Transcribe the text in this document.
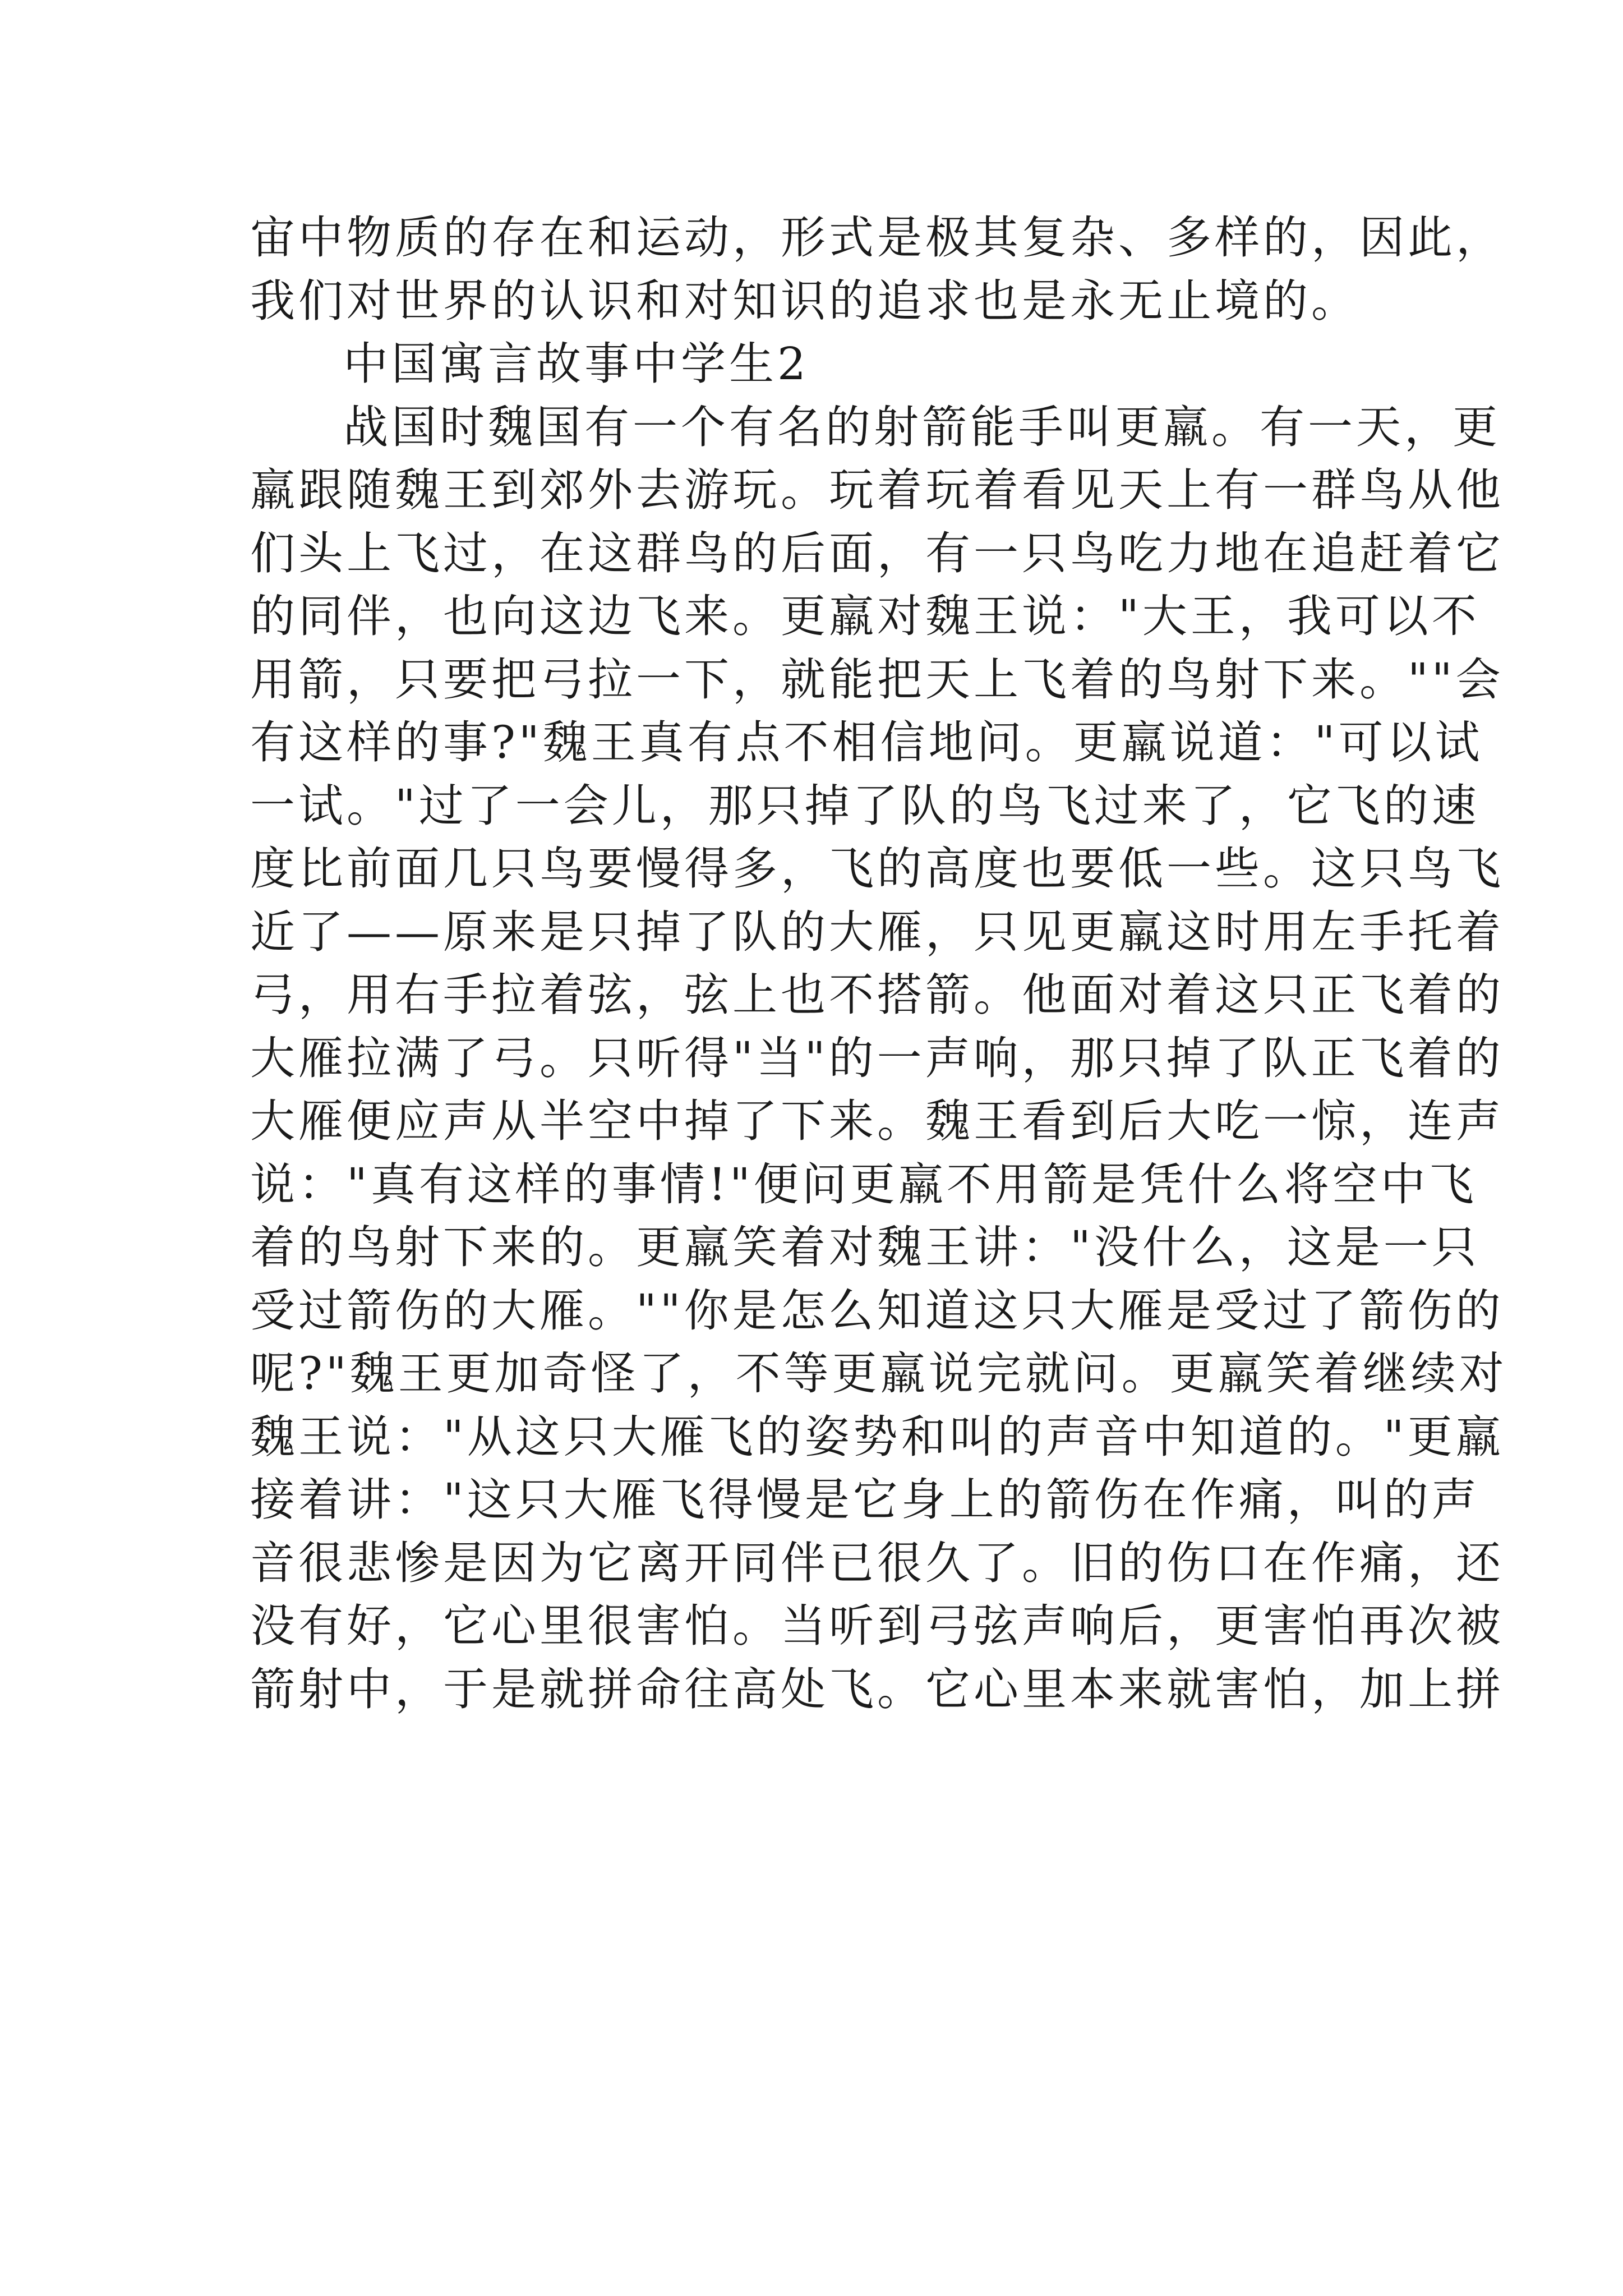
宙中物质的存在和运动，形式是极其复杂、多样的，因此，
我们对世界的认识和对知识的追求也是永无止境的。
中国寓言故事中学生2
战国时魏国有一个有名的射箭能手叫更羸。有一天，更
羸跟随魏王到郊外去游玩。玩着玩着看见天上有一群鸟从他
们头上飞过，在这群鸟的后面，有一只鸟吃力地在追赶着它
的同伴，也向这边飞来。更羸对魏王说："大王，我可以不
用箭，只要把弓拉一下，就能把天上飞着的鸟射下来。""会
有这样的事?"魏王真有点不相信地问。更羸说道："可以试
一试。"过了一会儿，那只掉了队的鸟飞过来了，它飞的速
度比前面几只鸟要慢得多，飞的高度也要低一些。这只鸟飞
近了——原来是只掉了队的大雁，只见更羸这时用左手托着
弓，用右手拉着弦，弦上也不搭箭。他面对着这只正飞着的
大雁拉满了弓。只听得"当"的一声响，那只掉了队正飞着的
大雁便应声从半空中掉了下来。魏王看到后大吃一惊，连声
说："真有这样的事情!"便问更羸不用箭是凭什么将空中飞
着的鸟射下来的。更羸笑着对魏王讲："没什么，这是一只
受过箭伤的大雁。""你是怎么知道这只大雁是受过了箭伤的
呢?"魏王更加奇怪了，不等更羸说完就问。更羸笑着继续对
魏王说："从这只大雁飞的姿势和叫的声音中知道的。"更羸
接着讲："这只大雁飞得慢是它身上的箭伤在作痛，叫的声
音很悲惨是因为它离开同伴已很久了。旧的伤口在作痛，还
没有好，它心里很害怕。当听到弓弦声响后，更害怕再次被
箭射中，于是就拼命往高处飞。它心里本来就害怕，加上拼
